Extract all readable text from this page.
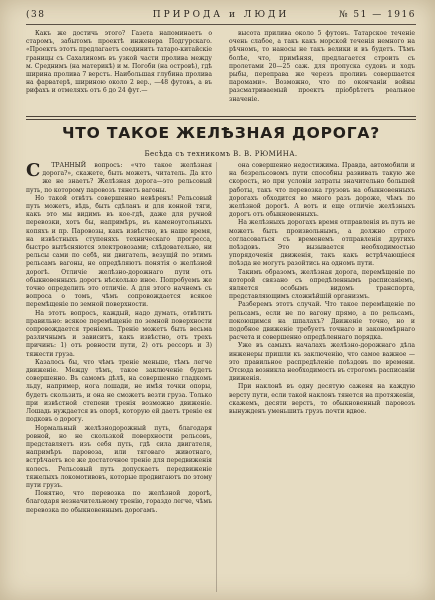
(38	ПРИРОДА и ЛЮДИ	№ 51 — 1916

Какъ же достичь этого? Газета напоминаетъ о старомъ, забытомъ проектѣ инженера Подгурскаго. «Проектъ этотъ предлагаетъ соединить татаро-китайскіе границы съ Сахалиномъ въ узкой части пролива между м. Среднимъ (на материкѣ) и м. Погоби (на островѣ), гдѣ ширина пролива 7 верстъ. Наибольшая глубина пролива на фарватерѣ, шириною около 2 вер., —48 футовъ, а въ рифахъ и отмеляхъ отъ 6 до 24 фут.—

высота прилива около 5 футовъ. Татарское теченіе очень слабое, а такъ какъ морской теченія немного на рѣчномъ, то наносы не такъ велики и въ будетъ. Тѣмъ болѣе, что, примѣняя, предлагается строить съ пролетами 20—25 саж. для пропуска судовъ и ходъ рыбы, переправа же черезъ проливъ совершается паромами». Возможно, что по окончаніи войны разсматриваемый проектъ пріобрѣтетъ реальное значеніе.

ЧТО ТАКОЕ ЖЕЛѢЗНАЯ ДОРОГА?
Бесѣда съ техникомъ В. В. РЮМИНА.

С ТРАННЫЙ вопросъ: «что такое желѣзная дорога?», скажете, быть можетъ, читатель. Да кто же не знаетъ? Желѣзная дорога—это рельсовый путь, по которому паровозъ тянетъ вагоны.

Но такой отвѣтъ совершенно невѣренъ! Рельсовый путь можетъ, вѣдь, быть сдѣланъ и для конной тяги, какъ это мы видимъ въ кое-гдѣ, даже для ручной перевозки, хотъ бы, напримѣръ, въ каменоугольныхъ копяхъ и пр. Паровозы, какъ извѣстно, въ наше время, на извѣстныхъ ступеняхъ техническаго прогресса, быстро вытѣсняются электровозами; слѣдовательно, ни рельсы сами по себѣ, ни двигатель, везущій по этимъ рельсамъ вагоны, не опредѣляютъ понятія о желѣзной дорогѣ. Отличіе желѣзно-дорожнаго пути отъ обыкновенныхъ дорогъ нѣсколько иное. Попробуемъ же точно определить это отличіе. А для этого начнемъ съ вопроса о томъ, чѣмъ сопровождается всякое перемѣщеніе по земной поверхности.

На этотъ вопросъ, каждый, надо думать, отвѣтитъ правильно: всякое перемѣщеніе по земной поверхности сопровождается треніемъ. Треніе можетъ быть весьма различнымъ и зависитъ, какъ извѣстно, отъ трехъ причинъ: 1) отъ ровности пути, 2) отъ рессоръ и 3) тяжести груза.

Казалось бы, что чѣмъ треніе меньше, тѣмъ легче движеніе. Между тѣмъ, такое заключеніе будетъ совершенно. Въ самомъ дѣлѣ, на совершенно гладкомъ льду, например, нога лошади, не имѣя точки опоры, будетъ скользить, и она не сможетъ везти груза. Только при извѣстной степени тренія возможно движеніе. Лошадь нуждается въ опорѣ, которую ей даетъ треніе ея подковъ о дорогу.

Нормальный желѣзнодорожный путь, благодаря ровной, но не скользкой поверхности рельсовъ, представляетъ изъ себя путь, гдѣ сила двигателя, напримѣръ паровоза, или тяговаго животнаго, встрѣчаетъ все же достаточное треніе для передвиженія колесъ. Рельсовый путь допускаетъ передвиженіе тяжелыхъ локомотивовъ, которые продвигаютъ по этому пути грузъ.

Понятно, что перевозка по желѣзной дорогѣ, благодаря незначительному тренію, гораздо легче, чѣмъ перевозка по обыкновеннымъ дорогамъ.

она совершенно недостижима. Правда, автомобили и на безрельсовомъ пути способны развивать такую же скорость, но при условіи затраты значительно большей работы, такъ что перевозка грузовъ на обыкновенныхъ дорогахъ обходится во много разъ дороже, чѣмъ по желѣзной дорогѣ. А вотъ и еще отличіе желѣзныхъ дорогъ отъ обыкновенныхъ.

На желѣзныхъ дорогахъ время отправленія въ путь не можетъ быть произвольнымъ, а должно строго согласоваться съ временемъ отправленія другихъ поѣздовъ. Это вызывается необходимостью упорядоченія движенія, такъ какъ встрѣчающіеся поѣзда не могутъ разойтись на одномъ пути.

Такимъ образомъ, желѣзная дорога, перемѣщеніе по которой связано съ опредѣленнымъ расписаніемъ, является особымъ видомъ транспорта, представляющимъ сложнѣйшій организмъ.

Разберемъ этотъ случай. Что такое перемѣщеніе по рельсамъ, если не по вагону прямо, а по рельсамъ, покоющимся на шпалахъ? Движеніе точно, но и подобное движеніе требуетъ точнаго и закономѣрнаго расчета и совершенно опредѣленнаго порядка.

Уже въ самыхъ началахъ желѣзно-дорожнаго дѣла инженеры пришли къ заключенію, что самое важное — это правильное распредѣленіе поѣздовъ по времени. Отсюда возникла необходимость въ строгомъ расписаніи движенія.

При наклонѣ въ одну десятую саженя на каждую версту пути, если такой наклонъ тянется на протяженіи, скажемъ, десяти верстъ, то обыкновенный паровозъ вынужденъ уменьшить грузъ почти вдвое.
